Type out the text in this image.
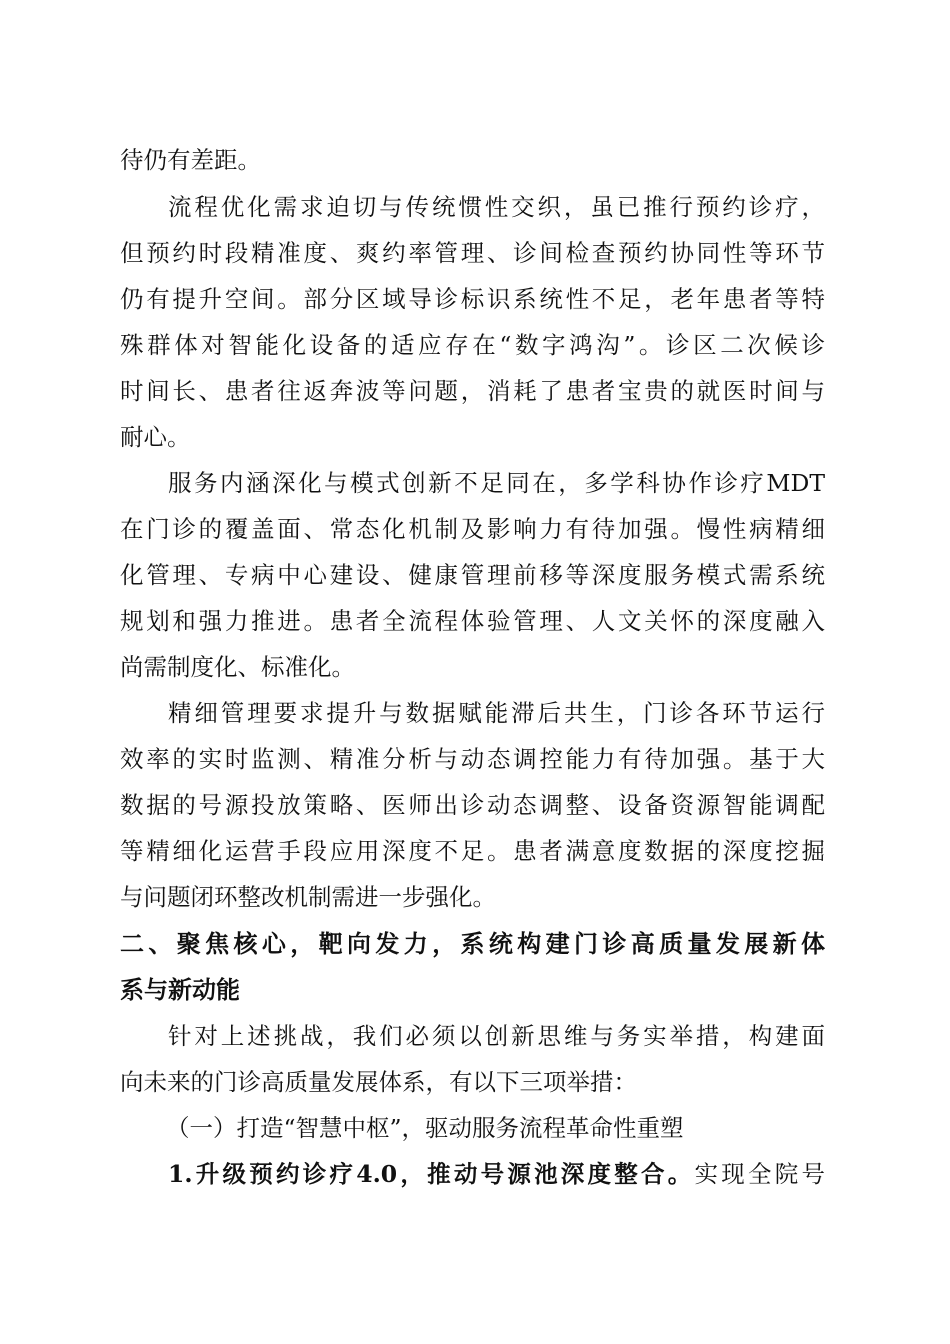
待仍有差距。
流程优化需求迫切与传统惯性交织，虽已推行预约诊疗，
但预约时段精准度、爽约率管理、诊间检查预约协同性等环节
仍有提升空间。部分区域导诊标识系统性不足，老年患者等特
殊群体对智能化设备的适应存在“数字鸿沟”。诊区二次候诊
时间长、患者往返奔波等问题，消耗了患者宝贵的就医时间与
耐心。
服务内涵深化与模式创新不足同在，多学科协作诊疗MDT
在门诊的覆盖面、常态化机制及影响力有待加强。慢性病精细
化管理、专病中心建设、健康管理前移等深度服务模式需系统
规划和强力推进。患者全流程体验管理、人文关怀的深度融入
尚需制度化、标准化。
精细管理要求提升与数据赋能滞后共生，门诊各环节运行
效率的实时监测、精准分析与动态调控能力有待加强。基于大
数据的号源投放策略、医师出诊动态调整、设备资源智能调配
等精细化运营手段应用深度不足。患者满意度数据的深度挖掘
与问题闭环整改机制需进一步强化。
二、聚焦核心，靶向发力，系统构建门诊高质量发展新体
系与新动能
针对上述挑战，我们必须以创新思维与务实举措，构建面
向未来的门诊高质量发展体系，有以下三项举措：
（一）打造“智慧中枢”，驱动服务流程革命性重塑
1.升级预约诊疗4.0，推动号源池深度整合。实现全院号
